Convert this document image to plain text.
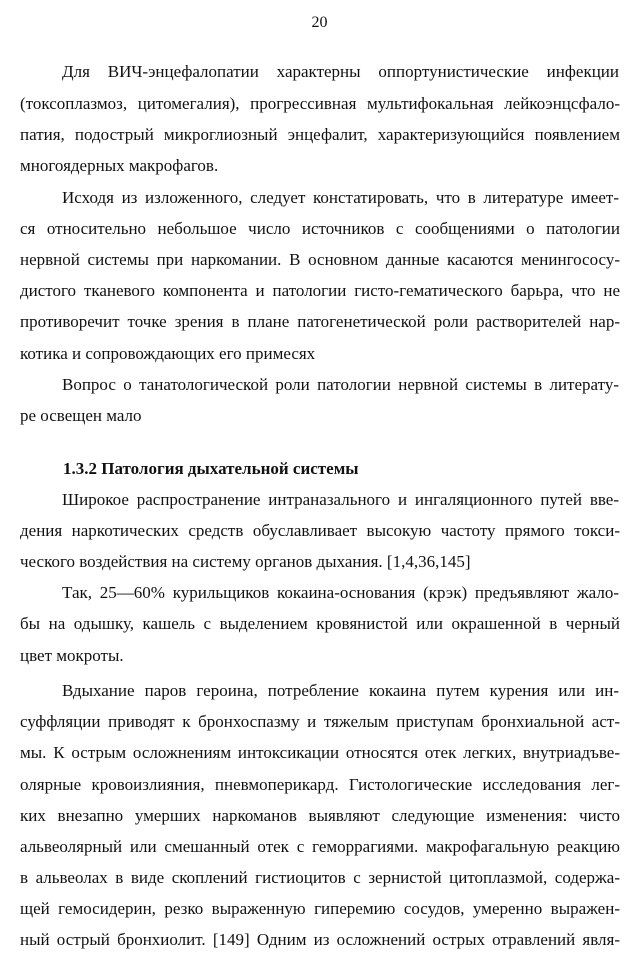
20
Для ВИЧ-энцефалопатии характерны оппортунистические инфекции
(токсоплазмоз, цитомегалия), прогрессивная мультифокальная лейкоэнцсфало-
патия, подострый микроглиозный энцефалит, характеризующийся появлением
многоядерных макрофагов.
Исходя из изложенного, следует констатировать, что в литературе имеет-
ся относительно небольшое число источников с сообщениями о патологии
нервной системы при наркомании. В основном данные касаются менингососу-
дистого тканевого компонента и патологии гисто-гематического барьра, что не
противоречит точке зрения в плане патогенетической роли растворителей нар-
котика и сопровождающих его примесях
Вопрос о танатологической роли патологии нервной системы в литерату-
ре освещен мало
1.3.2 Патология дыхательной системы
Широкое распространение интраназального и ингаляционного путей вве-
дения наркотических средств обуславливает высокую частоту прямого токси-
ческого воздействия на систему органов дыхания. [1,4,36,145]
Так, 25—60% курильщиков кокаина-основания (крэк) предъявляют жало-
бы на одышку, кашель с выделением кровянистой или окрашенной в черный
цвет мокроты.
Вдыхание паров героина, потребление кокаина путем курения или ин-
суффляции приводят к бронхоспазму и тяжелым приступам бронхиальной аст-
мы. К острым осложнениям интоксикации относятся отек легких, внутриадъве-
олярные кровоизлияния, пневмоперикард. Гистологические исследования лег-
ких внезапно умерших наркоманов выявляют следующие изменения: чисто
альвеолярный или смешанный отек с геморрагиями. макрофагальную реакцию
в альвеолах в виде скоплений гистиоцитов с зернистой цитоплазмой, содержа-
щей гемосидерин, резко выраженную гиперемию сосудов, умеренно выражен-
ный острый бронхиолит. [149] Одним из осложнений острых отравлений явля-
